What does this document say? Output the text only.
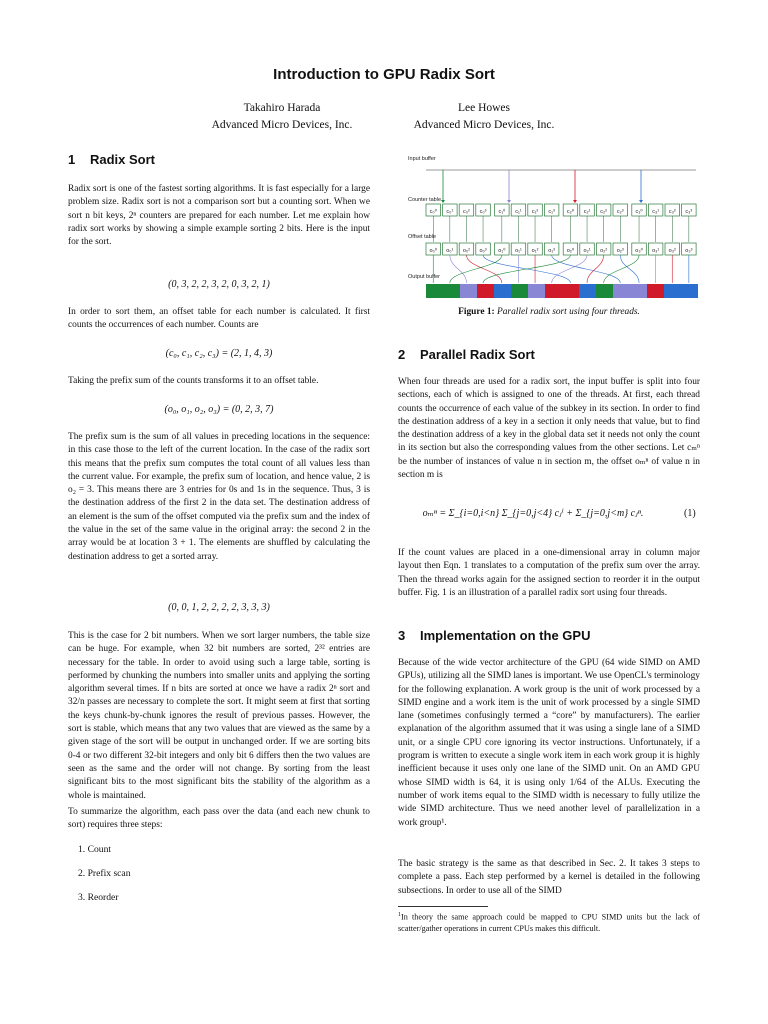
Introduction to GPU Radix Sort
Takahiro Harada
Advanced Micro Devices, Inc.
Lee Howes
Advanced Micro Devices, Inc.
1 Radix Sort
Radix sort is one of the fastest sorting algorithms. It is fast especially for a large problem size. Radix sort is not a comparison sort but a counting sort. When we sort n bit keys, 2ⁿ counters are prepared for each number. Let me explain how radix sort works by showing a simple example sorting 2 bits. Here is the input for the sort.
(0, 3, 2, 2, 3, 2, 0, 3, 2, 1)
In order to sort them, an offset table for each number is calculated. It first counts the occurrences of each number. Counts are
(c₀, c₁, c₂, c₃) = (2, 1, 4, 3)
Taking the prefix sum of the counts transforms it to an offset table.
(o₀, o₁, o₂, o₃) = (0, 2, 3, 7)
The prefix sum is the sum of all values in preceding locations in the sequence: in this case those to the left of the current location. In the case of the radix sort this means that the prefix sum computes the total count of all values less than the current value. For example, the prefix sum of location, and hence value, 2 is o₂ = 3. This means there are 3 entries for 0s and 1s in the sequence. Thus, 3 is the destination address of the first 2 in the data set. The destination address of an element is the sum of the offset computed via the prefix sum and the index of the value in the set of the same value in the original array: the second 2 in the array would be at location 3 + 1. The elements are shuffled by calculating the destination address to get a sorted array.
(0, 0, 1, 2, 2, 2, 2, 3, 3, 3)
This is the case for 2 bit numbers. When we sort larger numbers, the table size can be huge. For example, when 32 bit numbers are sorted, 2³² entries are necessary for the table. In order to avoid using such a large table, sorting is performed by chunking the numbers into smaller units and applying the sorting algorithm several times. If n bits are sorted at once we have a radix 2ⁿ sort and 32/n passes are necessary to complete the sort. It might seem at first that sorting the keys chunk-by-chunk ignores the result of previous passes. However, the sort is stable, which means that any two values that are viewed as the same by a given stage of the sort will be output in unchanged order. If we are sorting bits 0-4 or two different 32-bit integers and only bit 6 differs then the two values are seen as the same and the order will not change. By sorting from the least significant bits to the most significant bits the stability of the algorithm as a whole is maintained.
To summarize the algorithm, each pass over the data (and each new chunk to sort) requires three steps:
1. Count
2. Prefix scan
3. Reorder
Input buffer
Counter table
Offset table
Output buffer
c₀⁰ c₀¹ c₀² c₀³ c₁⁰ c₁¹ c₁² c₁³ c₂⁰ c₂¹ c₂² c₂³ c₃⁰ c₃¹ c₃² c₃³
o₀⁰ o₀¹ o₀² o₀³ o₁⁰ o₁¹ o₁² o₁³ o₂⁰ o₂¹ o₂² o₂³ o₃⁰ o₃¹ o₃² o₃³
Figure 1: Parallel radix sort using four threads.
2 Parallel Radix Sort
When four threads are used for a radix sort, the input buffer is split into four sections, each of which is assigned to one of the threads. At first, each thread counts the occurrence of each value of the subkey in its section. In order to find the destination address of a key in a section it only needs that value, but to find the destination address of a key in the global data set it needs not only the count in its section but also the corresponding values from the other sections. Let cₘⁿ be the number of instances of value n in section m, the offset oₘⁿ of value n in section m is
oₘⁿ = Σ_{i=0,i<n} Σ_{j=0,j<4} cⱼⁱ + Σ_{j=0,j<m} cⱼⁿ.	(1)
If the count values are placed in a one-dimensional array in column major layout then Eqn. 1 translates to a computation of the prefix sum over the array. Then the thread works again for the assigned section to reorder it in the output buffer. Fig. 1 is an illustration of a parallel radix sort using four threads.
3 Implementation on the GPU
Because of the wide vector architecture of the GPU (64 wide SIMD on AMD GPUs), utilizing all the SIMD lanes is important. We use OpenCL's terminology for the following explanation. A work group is the unit of work processed by a SIMD engine and a work item is the unit of work processed by a single SIMD lane (sometimes confusingly termed a “core” by manufacturers). The earlier explanation of the algorithm assumed that it was using a single lane of a SIMD unit, or a single CPU core ignoring its vector instructions. Unfortunately, if a program is written to execute a single work item in each work group it is highly inefficient because it uses only one lane of the SIMD unit. On an AMD GPU whose SIMD width is 64, it is using only 1/64 of the ALUs. Executing the number of work items equal to the SIMD width is necessary to fully utilize the wide SIMD architecture. Thus we need another level of parallelization in a work group¹.
The basic strategy is the same as that described in Sec. 2. It takes 3 steps to complete a pass. Each step performed by a kernel is detailed in the following subsections. In order to use all of the SIMD
$^1$In theory the same approach could be mapped to CPU SIMD units but the lack of scatter/gather operations in current CPUs makes this difficult.
